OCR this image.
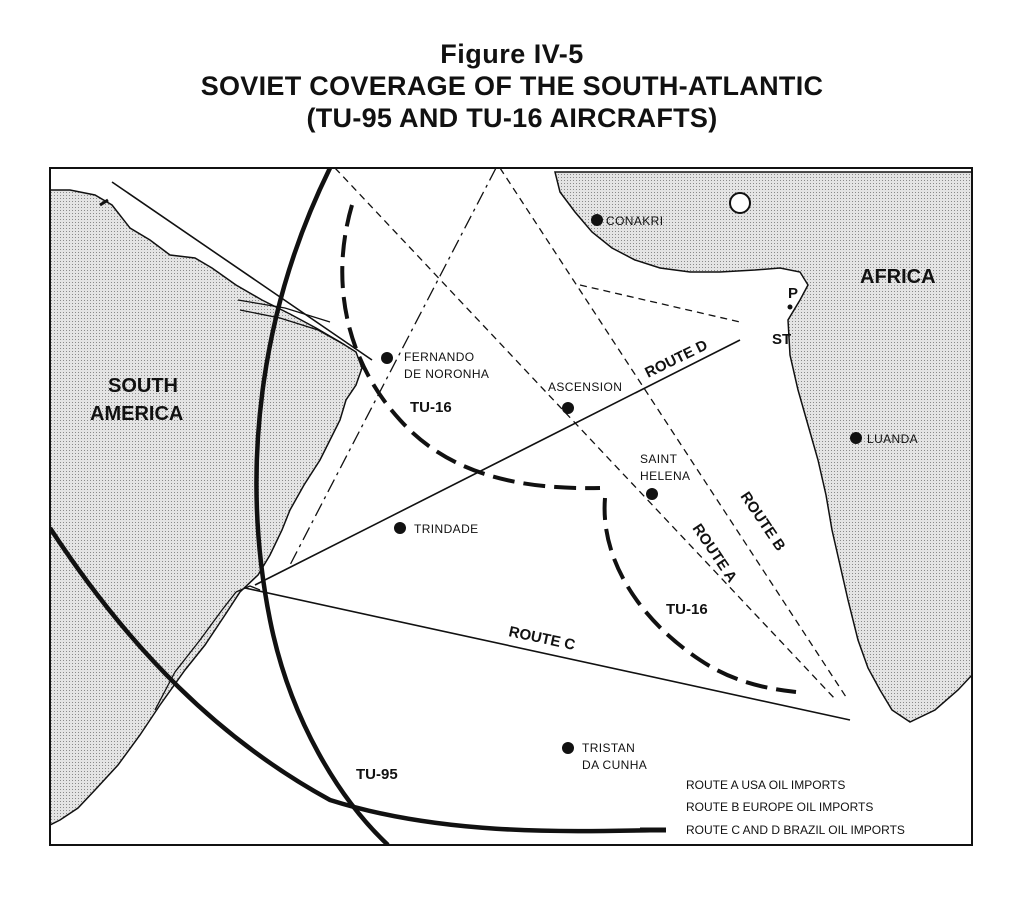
Figure IV-5
SOVIET COVERAGE OF THE SOUTH-ATLANTIC
(TU-95 AND TU-16 AIRCRAFTS)
SOUTH
AMERICA
AFRICA
CONAKRI
FERNANDO
DE NORONHA
ASCENSION
SAINT
HELENA
TRINDADE
LUANDA
TRISTAN
DA CUNHA
P
ST
ROUTE D
ROUTE C
ROUTE A
ROUTE B
TU-16
TU-16
TU-95
ROUTE A USA OIL IMPORTS
ROUTE B EUROPE OIL IMPORTS
ROUTE C AND D BRAZIL OIL IMPORTS
